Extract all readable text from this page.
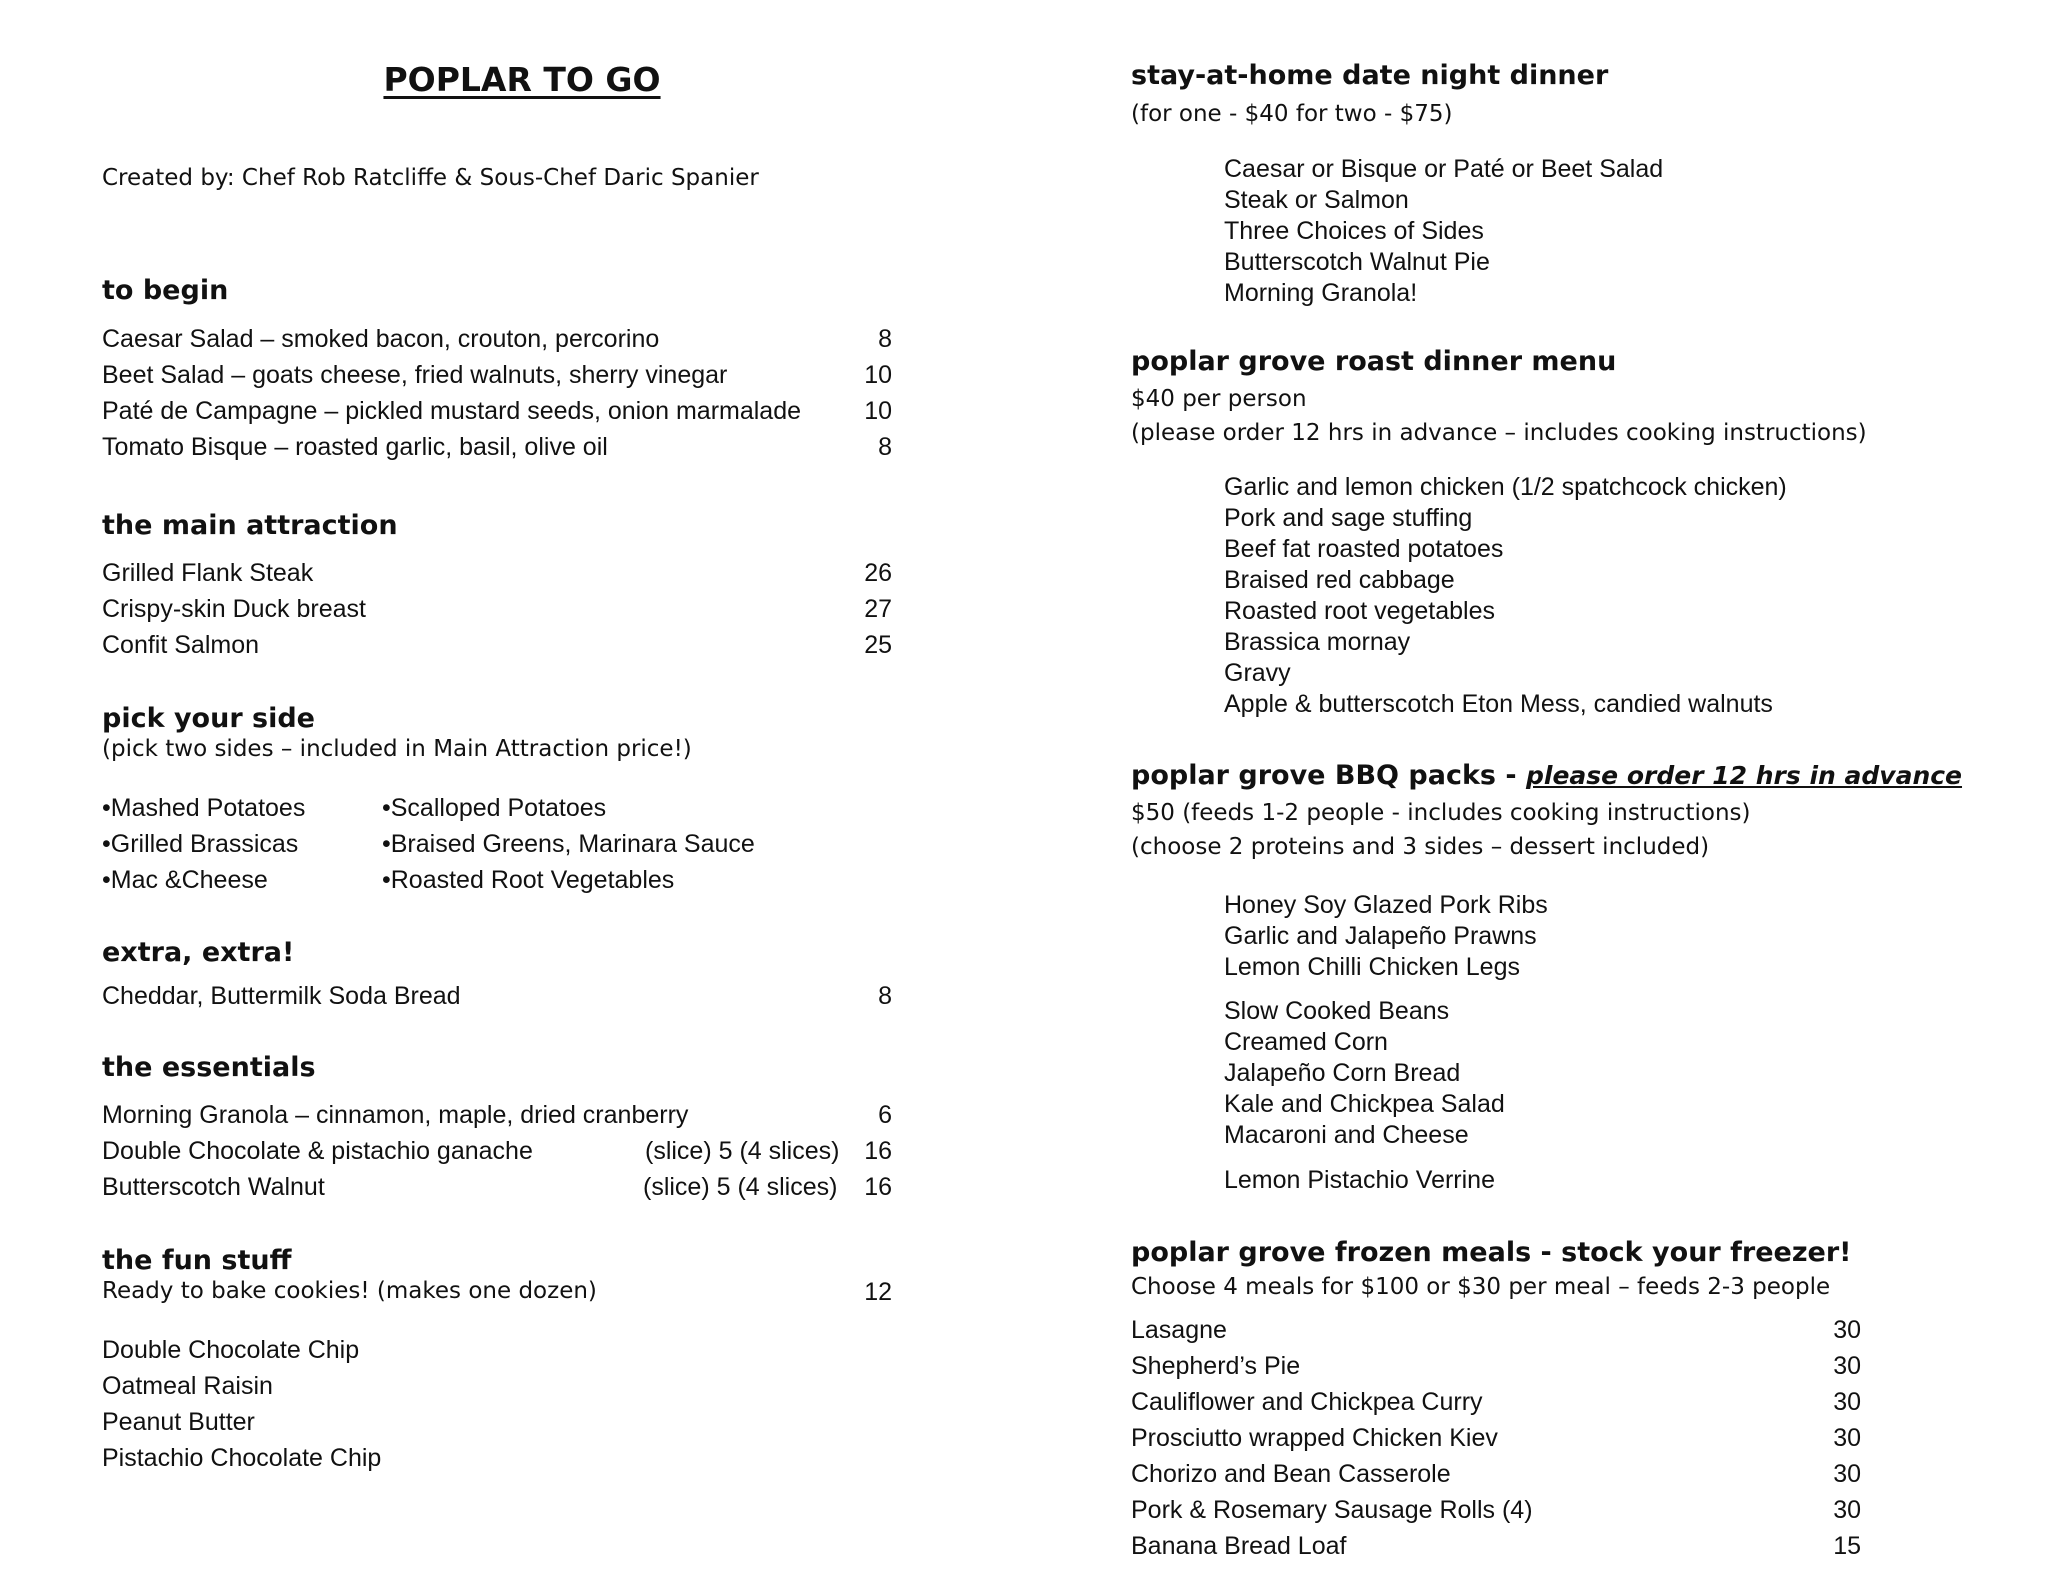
POPLAR TO GO
Created by: Chef Rob Ratcliffe & Sous-Chef Daric Spanier
to begin
Caesar Salad – smoked bacon, crouton, percorino	8
Beet Salad – goats cheese, fried walnuts, sherry vinegar	10
Paté de Campagne – pickled mustard seeds, onion marmalade	10
Tomato Bisque – roasted garlic, basil, olive oil	8
the main attraction
Grilled Flank Steak	26
Crispy-skin Duck breast	27
Confit Salmon	25
pick your side
(pick two sides – included in Main Attraction price!)
•Mashed Potatoes
•Grilled Brassicas
•Mac &Cheese
•Scalloped Potatoes
•Braised Greens, Marinara Sauce
•Roasted Root Vegetables
extra, extra!
Cheddar, Buttermilk Soda Bread	8
the essentials
Morning Granola – cinnamon, maple, dried cranberry	6
Double Chocolate & pistachio ganache	(slice) 5 (4 slices) 16
Butterscotch Walnut	(slice) 5 (4 slices)	16
the fun stuff
Ready to bake cookies! (makes one dozen)	12
Double Chocolate Chip
Oatmeal Raisin
Peanut Butter
Pistachio Chocolate Chip
stay-at-home date night dinner
(for one - $40 for two - $75)
Caesar or Bisque or Paté or Beet Salad
Steak or Salmon
Three Choices of Sides
Butterscotch Walnut Pie
Morning Granola!
poplar grove roast dinner menu
$40 per person
(please order 12 hrs in advance – includes cooking instructions)
Garlic and lemon chicken (1/2 spatchcock chicken)
Pork and sage stuffing
Beef fat roasted potatoes
Braised red cabbage
Roasted root vegetables
Brassica mornay
Gravy
Apple & butterscotch Eton Mess, candied walnuts
poplar grove BBQ packs - please order 12 hrs in advance
$50 (feeds 1-2 people - includes cooking instructions)
(choose 2 proteins and 3 sides – dessert included)
Honey Soy Glazed Pork Ribs
Garlic and Jalapeño Prawns
Lemon Chilli Chicken Legs
Slow Cooked Beans
Creamed Corn
Jalapeño Corn Bread
Kale and Chickpea Salad
Macaroni and Cheese
Lemon Pistachio Verrine
poplar grove frozen meals - stock your freezer!
Choose 4 meals for $100 or $30 per meal – feeds 2-3 people
Lasagne	30
Shepherd’s Pie	30
Cauliflower and Chickpea Curry	30
Prosciutto wrapped Chicken Kiev	30
Chorizo and Bean Casserole	30
Pork & Rosemary Sausage Rolls (4)	30
Banana Bread Loaf	15
